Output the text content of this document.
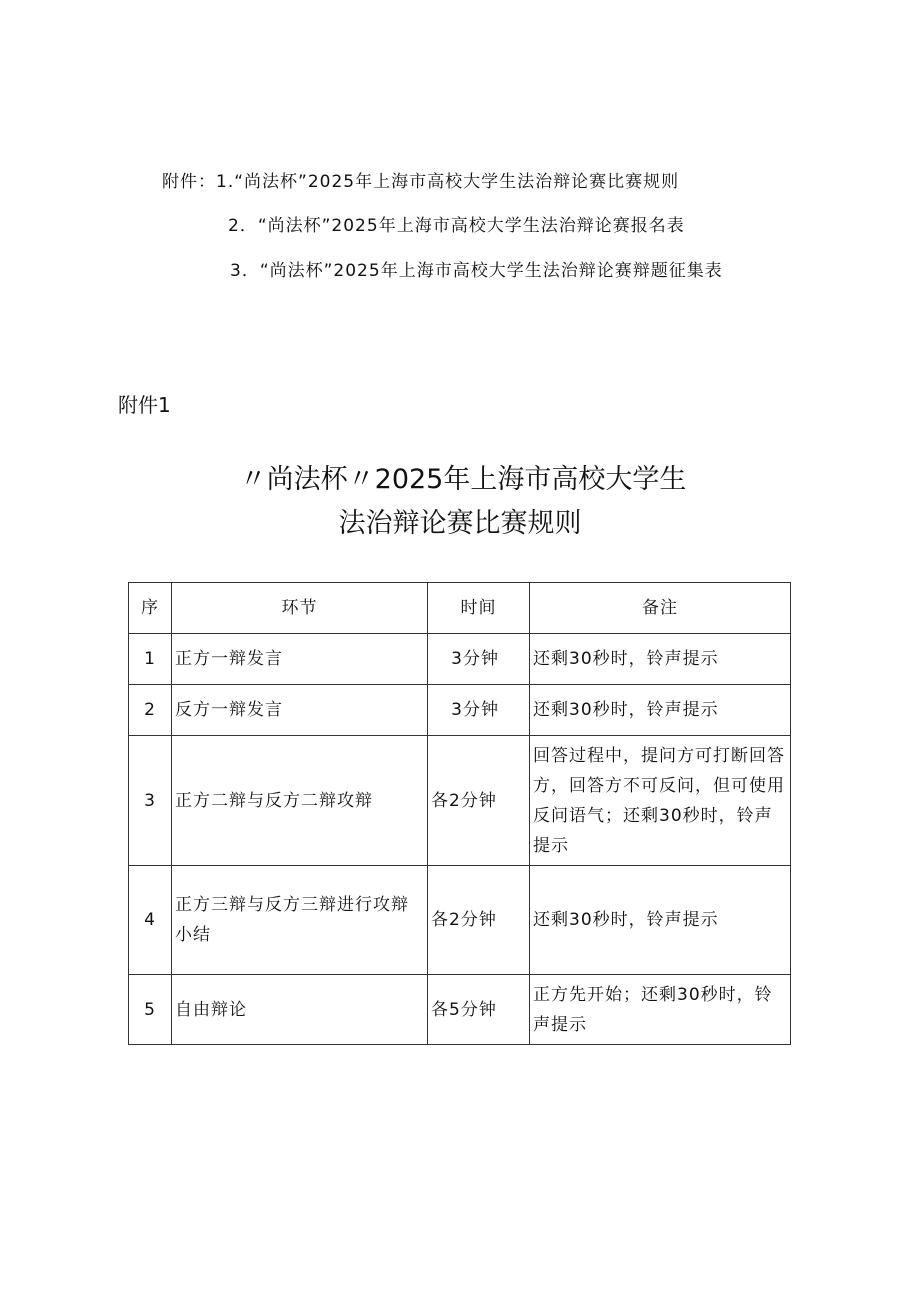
附件：1.“尚法杯”2025年上海市高校大学生法治辩论赛比赛规则
2．“尚法杯”2025年上海市高校大学生法治辩论赛报名表
3．“尚法杯”2025年上海市高校大学生法治辩论赛辩题征集表
附件1
〃尚法杯〃2025年上海市高校大学生
法治辩论赛比赛规则
序	环节	时间	备注
1	正方一辩发言	3分钟	还剩30秒时，铃声提示
2	反方一辩发言	3分钟	还剩30秒时，铃声提示
3	正方二辩与反方二辩攻辩	各2分钟	回答过程中，提问方可打断回答方，回答方不可反问，但可使用反问语气；还剩30秒时，铃声提示
4	正方三辩与反方三辩进行攻辩小结	各2分钟	还剩30秒时，铃声提示
5	自由辩论	各5分钟	正方先开始；还剩30秒时，铃声提示
